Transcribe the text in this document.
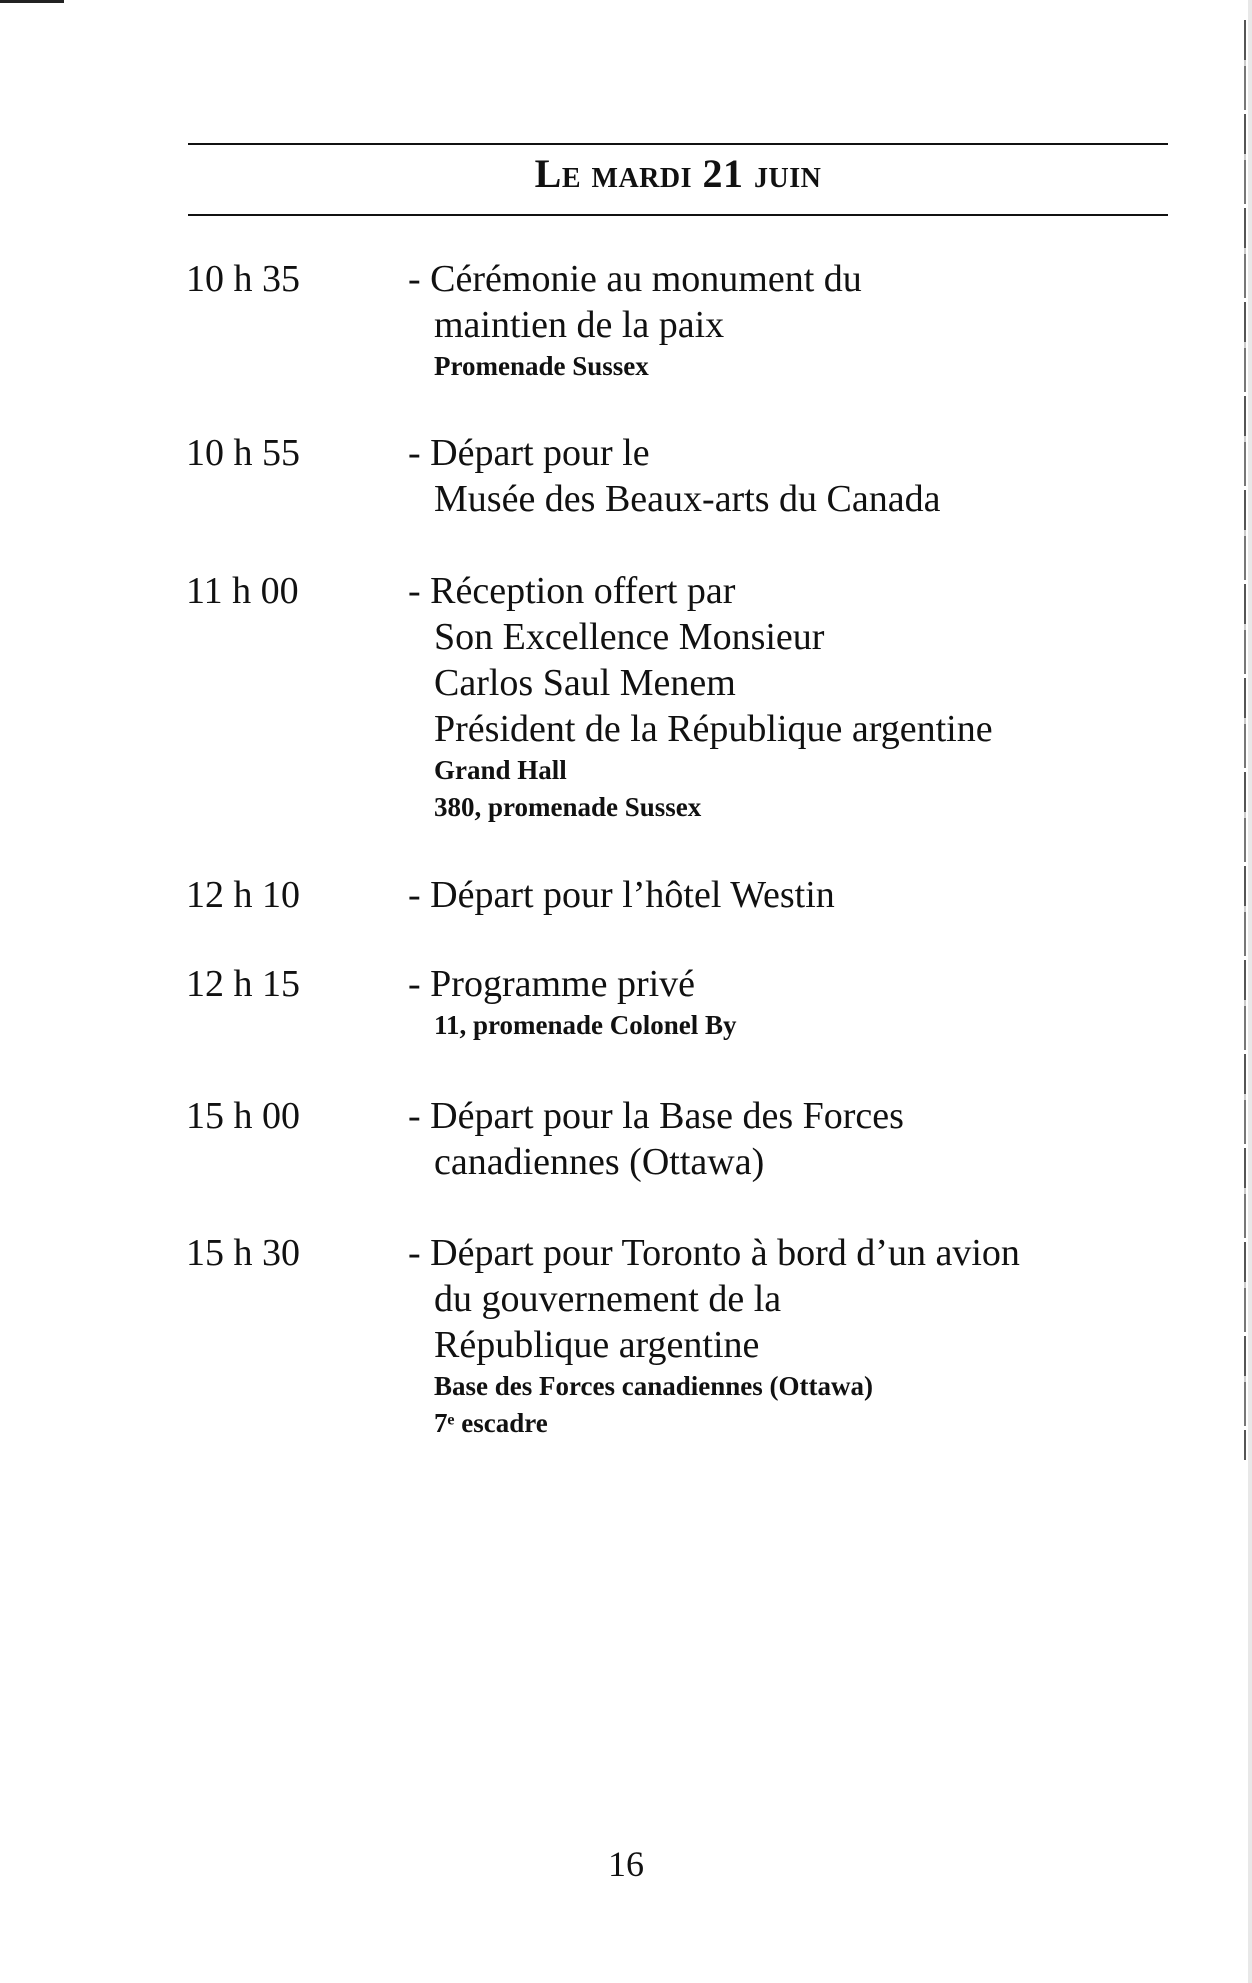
Le mardi 21 juin
10 h 35	- Cérémonie au monument du
maintien de la paix
Promenade Sussex
10 h 55	- Départ pour le
Musée des Beaux-arts du Canada
11 h 00	- Réception offert par
Son Excellence Monsieur
Carlos Saul Menem
Président de la République argentine
Grand Hall
380, promenade Sussex
12 h 10	- Départ pour l’hôtel Westin
12 h 15	- Programme privé
11, promenade Colonel By
15 h 00	- Départ pour la Base des Forces
canadiennes (Ottawa)
15 h 30	- Départ pour Toronto à bord d’un avion
du gouvernement de la
République argentine
Base des Forces canadiennes (Ottawa)
7ᵉ escadre
16
